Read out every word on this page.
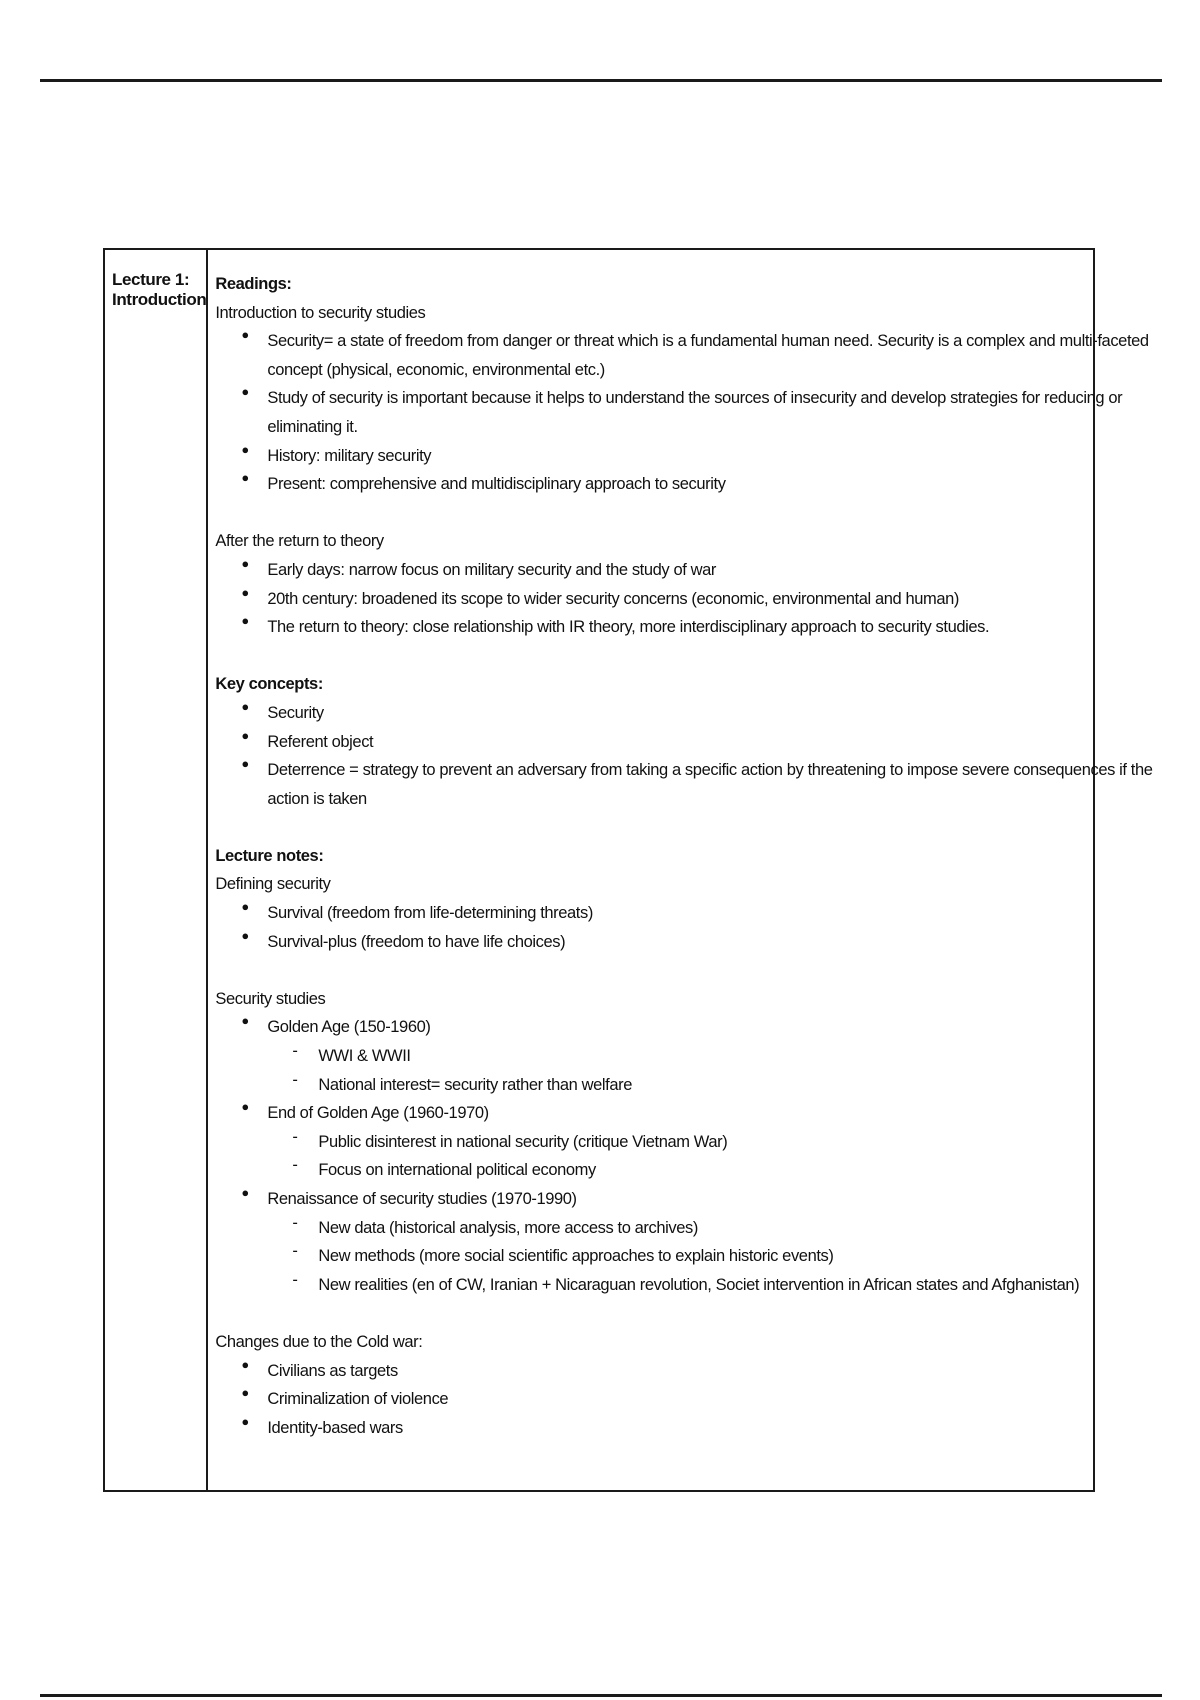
Lecture 1: Introduction
Readings:
Introduction to security studies
● Security= a state of freedom from danger or threat which is a fundamental human need. Security is a complex and multi-faceted
concept (physical, economic, environmental etc.)
● Study of security is important because it helps to understand the sources of insecurity and develop strategies for reducing or
eliminating it.
● History: military security
● Present: comprehensive and multidisciplinary approach to security
After the return to theory
● Early days: narrow focus on military security and the study of war
● 20th century: broadened its scope to wider security concerns (economic, environmental and human)
● The return to theory: close relationship with IR theory, more interdisciplinary approach to security studies.
Key concepts:
● Security
● Referent object
● Deterrence = strategy to prevent an adversary from taking a specific action by threatening to impose severe consequences if the
action is taken
Lecture notes:
Defining security
● Survival (freedom from life-determining threats)
● Survival-plus (freedom to have life choices)
Security studies
● Golden Age (150-1960)
- WWI & WWII
- National interest= security rather than welfare
● End of Golden Age (1960-1970)
- Public disinterest in national security (critique Vietnam War)
- Focus on international political economy
● Renaissance of security studies (1970-1990)
- New data (historical analysis, more access to archives)
- New methods (more social scientific approaches to explain historic events)
- New realities (en of CW, Iranian + Nicaraguan revolution, Societ intervention in African states and Afghanistan)
Changes due to the Cold war:
● Civilians as targets
● Criminalization of violence
● Identity-based wars
